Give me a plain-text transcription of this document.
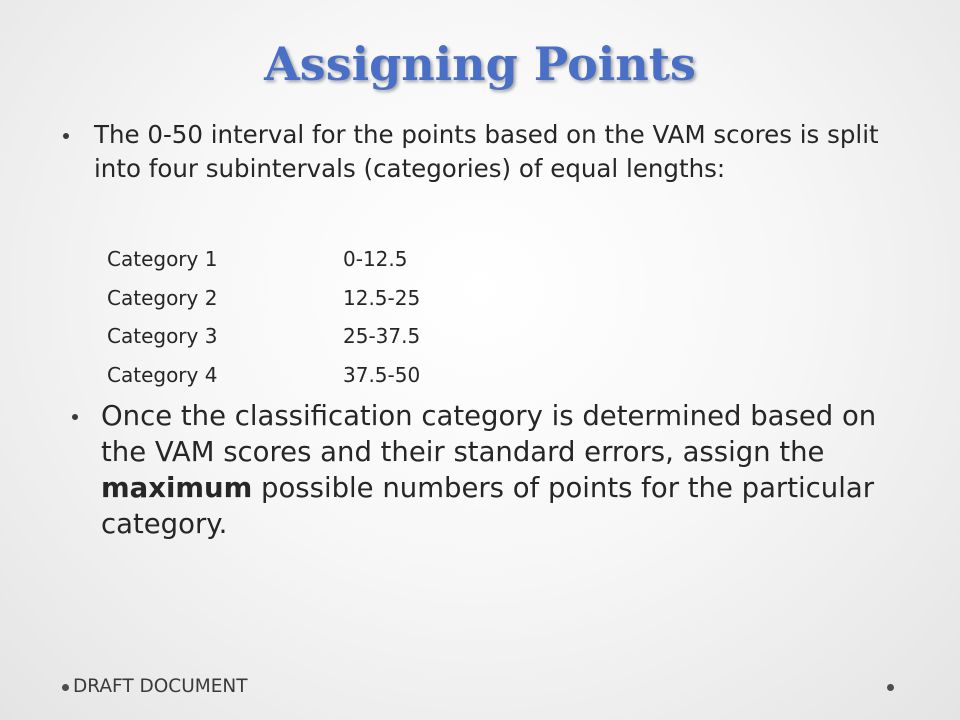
Assigning Points
The 0-50 interval for the points based on the VAM scores is split into four subintervals (categories) of equal lengths:
Category 1	0-12.5
Category 2	12.5-25
Category 3	25-37.5
Category 4	37.5-50
Once the classification category is determined based on the VAM scores and their standard errors, assign the maximum possible numbers of points for the particular category.
DRAFT DOCUMENT
